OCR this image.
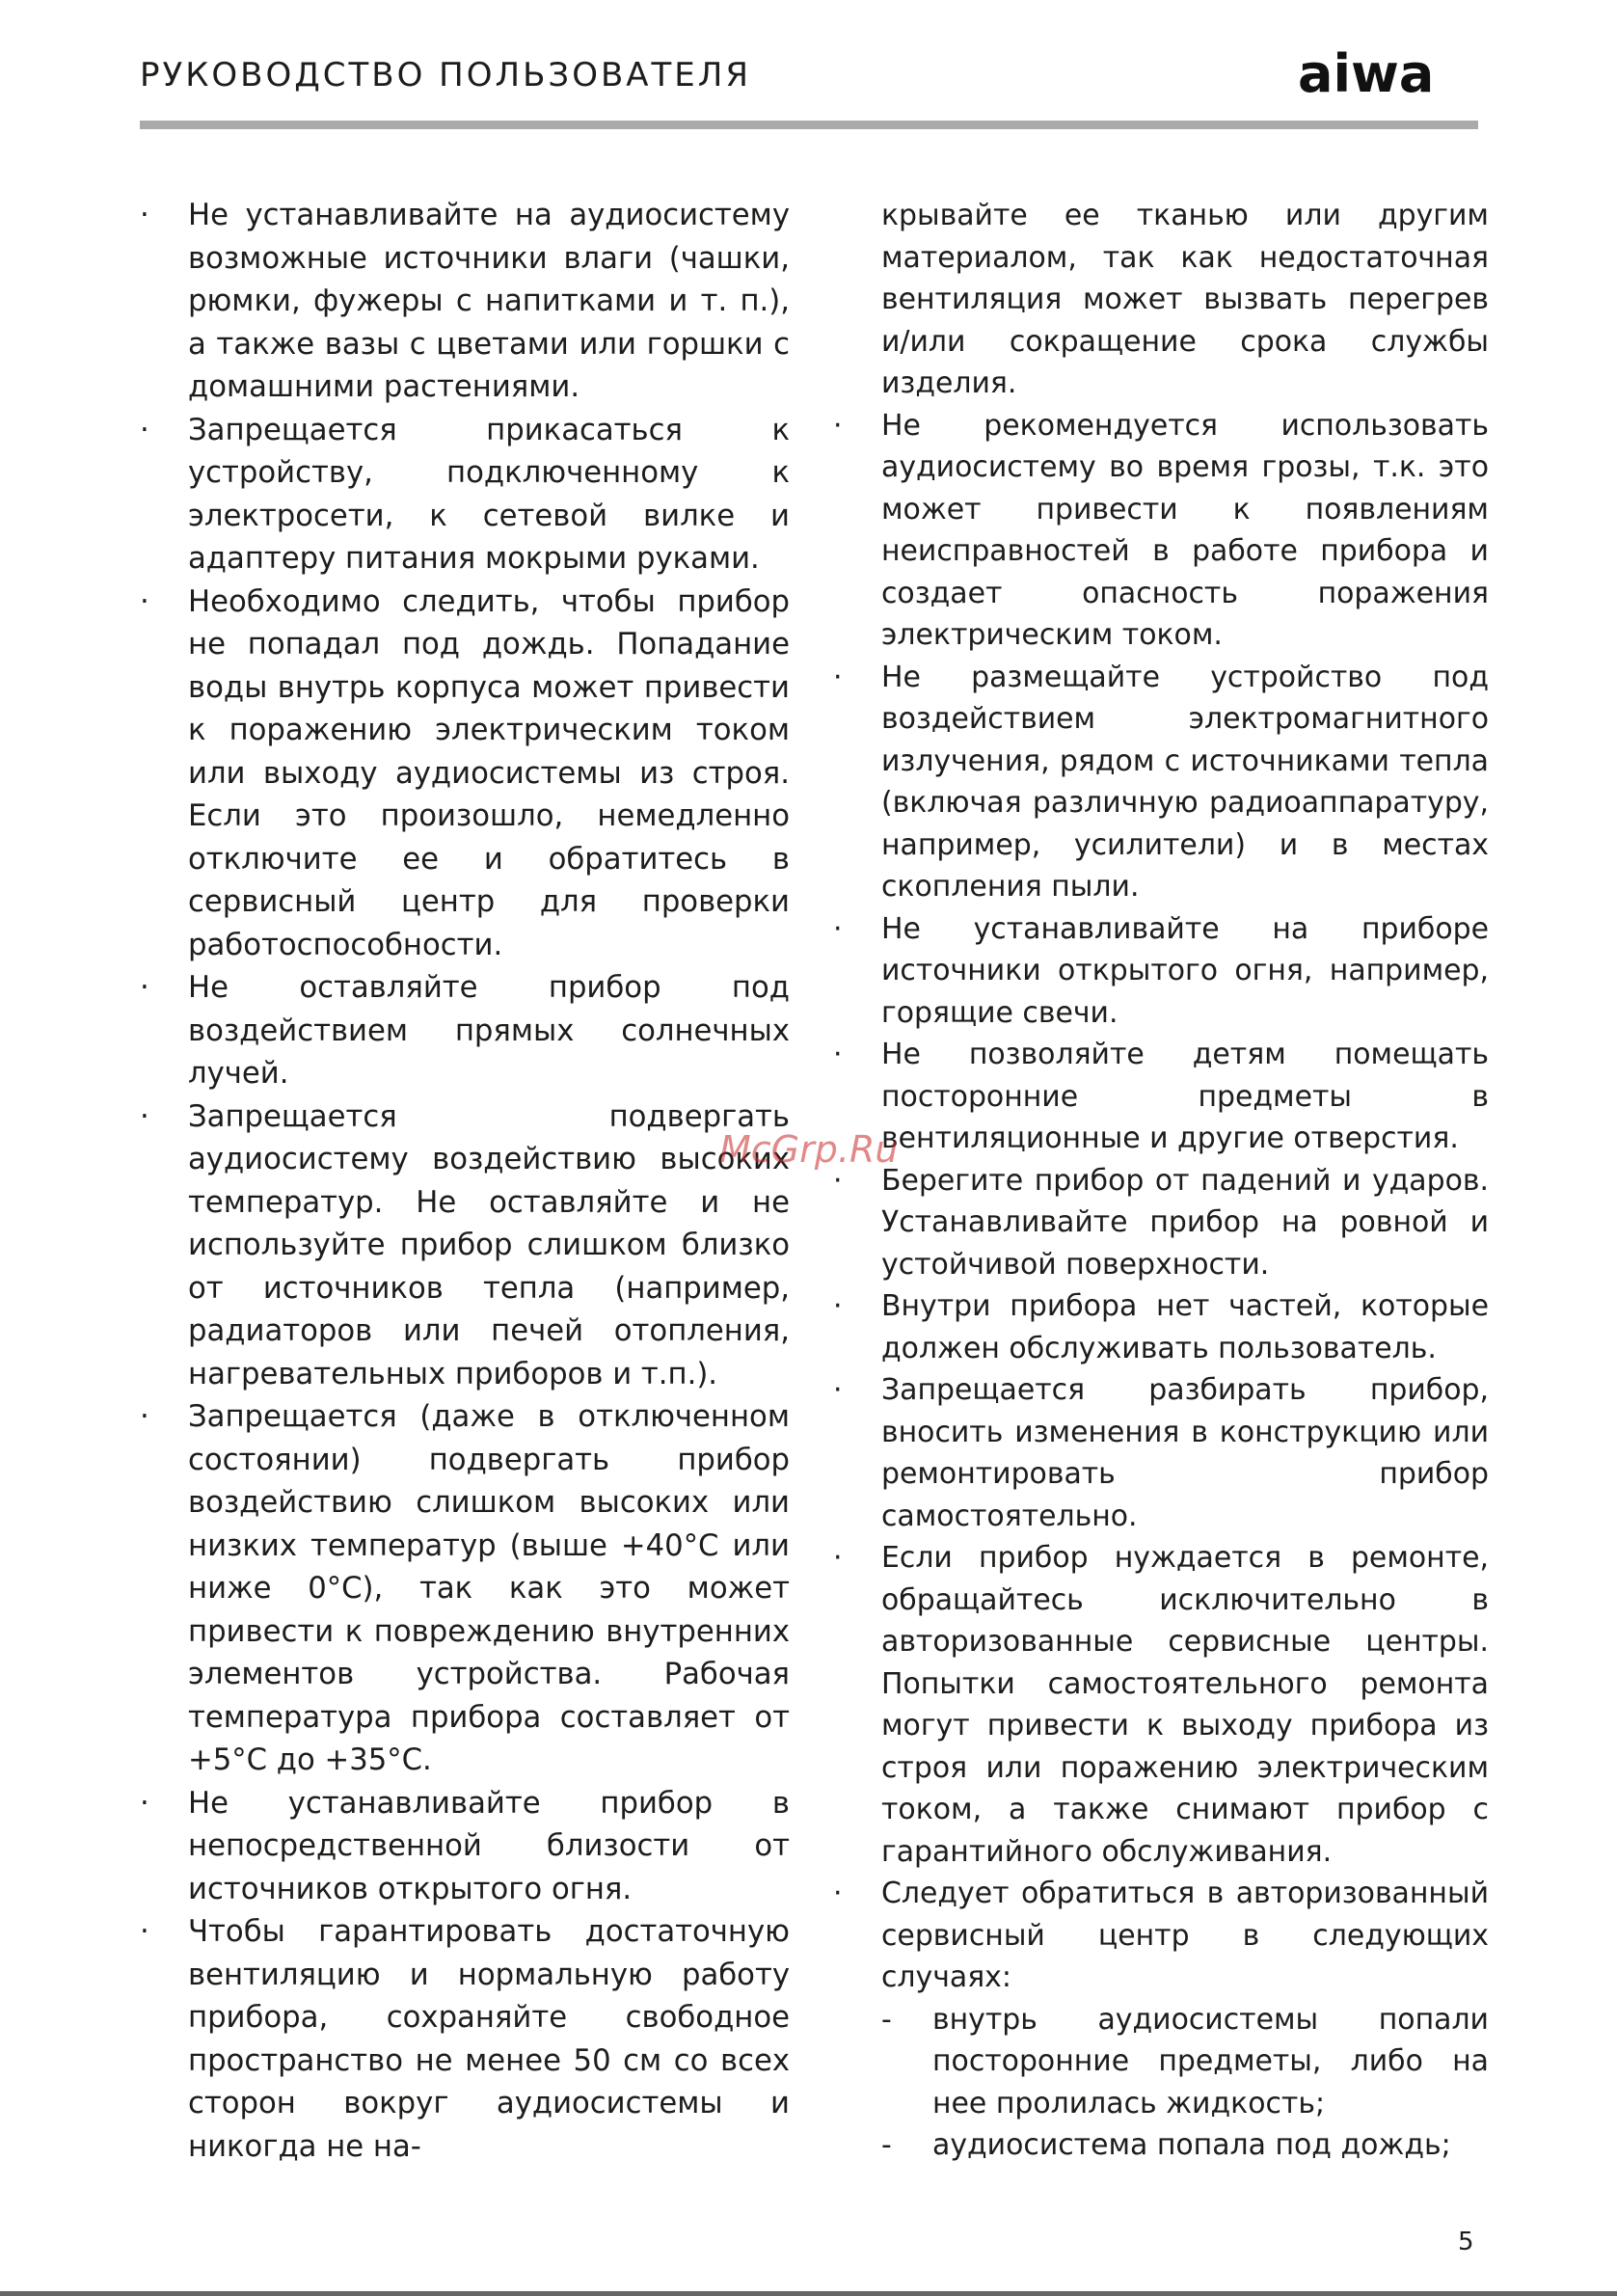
РУКОВОДСТВО ПОЛЬЗОВАТЕЛЯ	aiwa
·	Не устанавливайте на аудиосистему возможные источники влаги (чашки, рюмки, фужеры с напитками и т. п.), а также вазы с цветами или горшки с домашними растениями.
·	Запрещается прикасаться к устройству, подключенному к электросети, к сетевой вилке и адаптеру питания мокрыми руками.
·	Необходимо следить, чтобы прибор не попадал под дождь. Попадание воды внутрь корпуса может привести к поражению электрическим током или выходу аудиосистемы из строя. Если это произошло, немедленно отключите ее и обратитесь в сервисный центр для проверки работоспособности.
·	Не оставляйте прибор под воздействием прямых солнечных лучей.
·	Запрещается подвергать аудиосистему воздействию высоких температур. Не оставляйте и не используйте прибор слишком близко от источников тепла (например, радиаторов или печей отопления, нагревательных приборов и т.п.).
·	Запрещается (даже в отключенном состоянии) подвергать прибор воздействию слишком высоких или низких температур (выше +40°С или ниже 0°С), так как это может привести к повреждению внутренних элементов устройства. Рабочая температура прибора составляет от +5°С до +35°С.
·	Не устанавливайте прибор в непосредственной близости от источников открытого огня.
·	Чтобы гарантировать достаточную вентиляцию и нормальную работу прибора, сохраняйте свободное пространство не менее 50 см со всех сторон вокруг аудиосистемы и никогда не на-
крывайте ее тканью или другим материалом, так как недостаточная вентиляция может вызвать перегрев и/или сокращение срока службы изделия.
·	Не рекомендуется использовать аудиосистему во время грозы, т.к. это может привести к появлениям неисправностей в работе прибора и создает опасность поражения электрическим током.
·	Не размещайте устройство под воздействием электромагнитного излучения, рядом с источниками тепла (включая различную радиоаппаратуру, например, усилители) и в местах скопления пыли.
·	Не устанавливайте на приборе источники открытого огня, например, горящие свечи.
·	Не позволяйте детям помещать посторонние предметы в вентиляционные и другие отверстия.
·	Берегите прибор от падений и ударов. Устанавливайте прибор на ровной и устойчивой поверхности.
·	Внутри прибора нет частей, которые должен обслуживать пользователь.
·	Запрещается разбирать прибор, вносить изменения в конструкцию или ремонтировать прибор самостоятельно.
·	Если прибор нуждается в ремонте, обращайтесь исключительно в авторизованные сервисные центры. Попытки самостоятельного ремонта могут привести к выходу прибора из строя или поражению электрическим током, а также снимают прибор с гарантийного обслуживания.
·	Следует обратиться в авторизованный сервисный центр в следующих случаях:
- внутрь аудиосистемы попали посторонние предметы, либо на нее пролилась жидкость;
- аудиосистема попала под дождь;
McGrp.Ru
5
